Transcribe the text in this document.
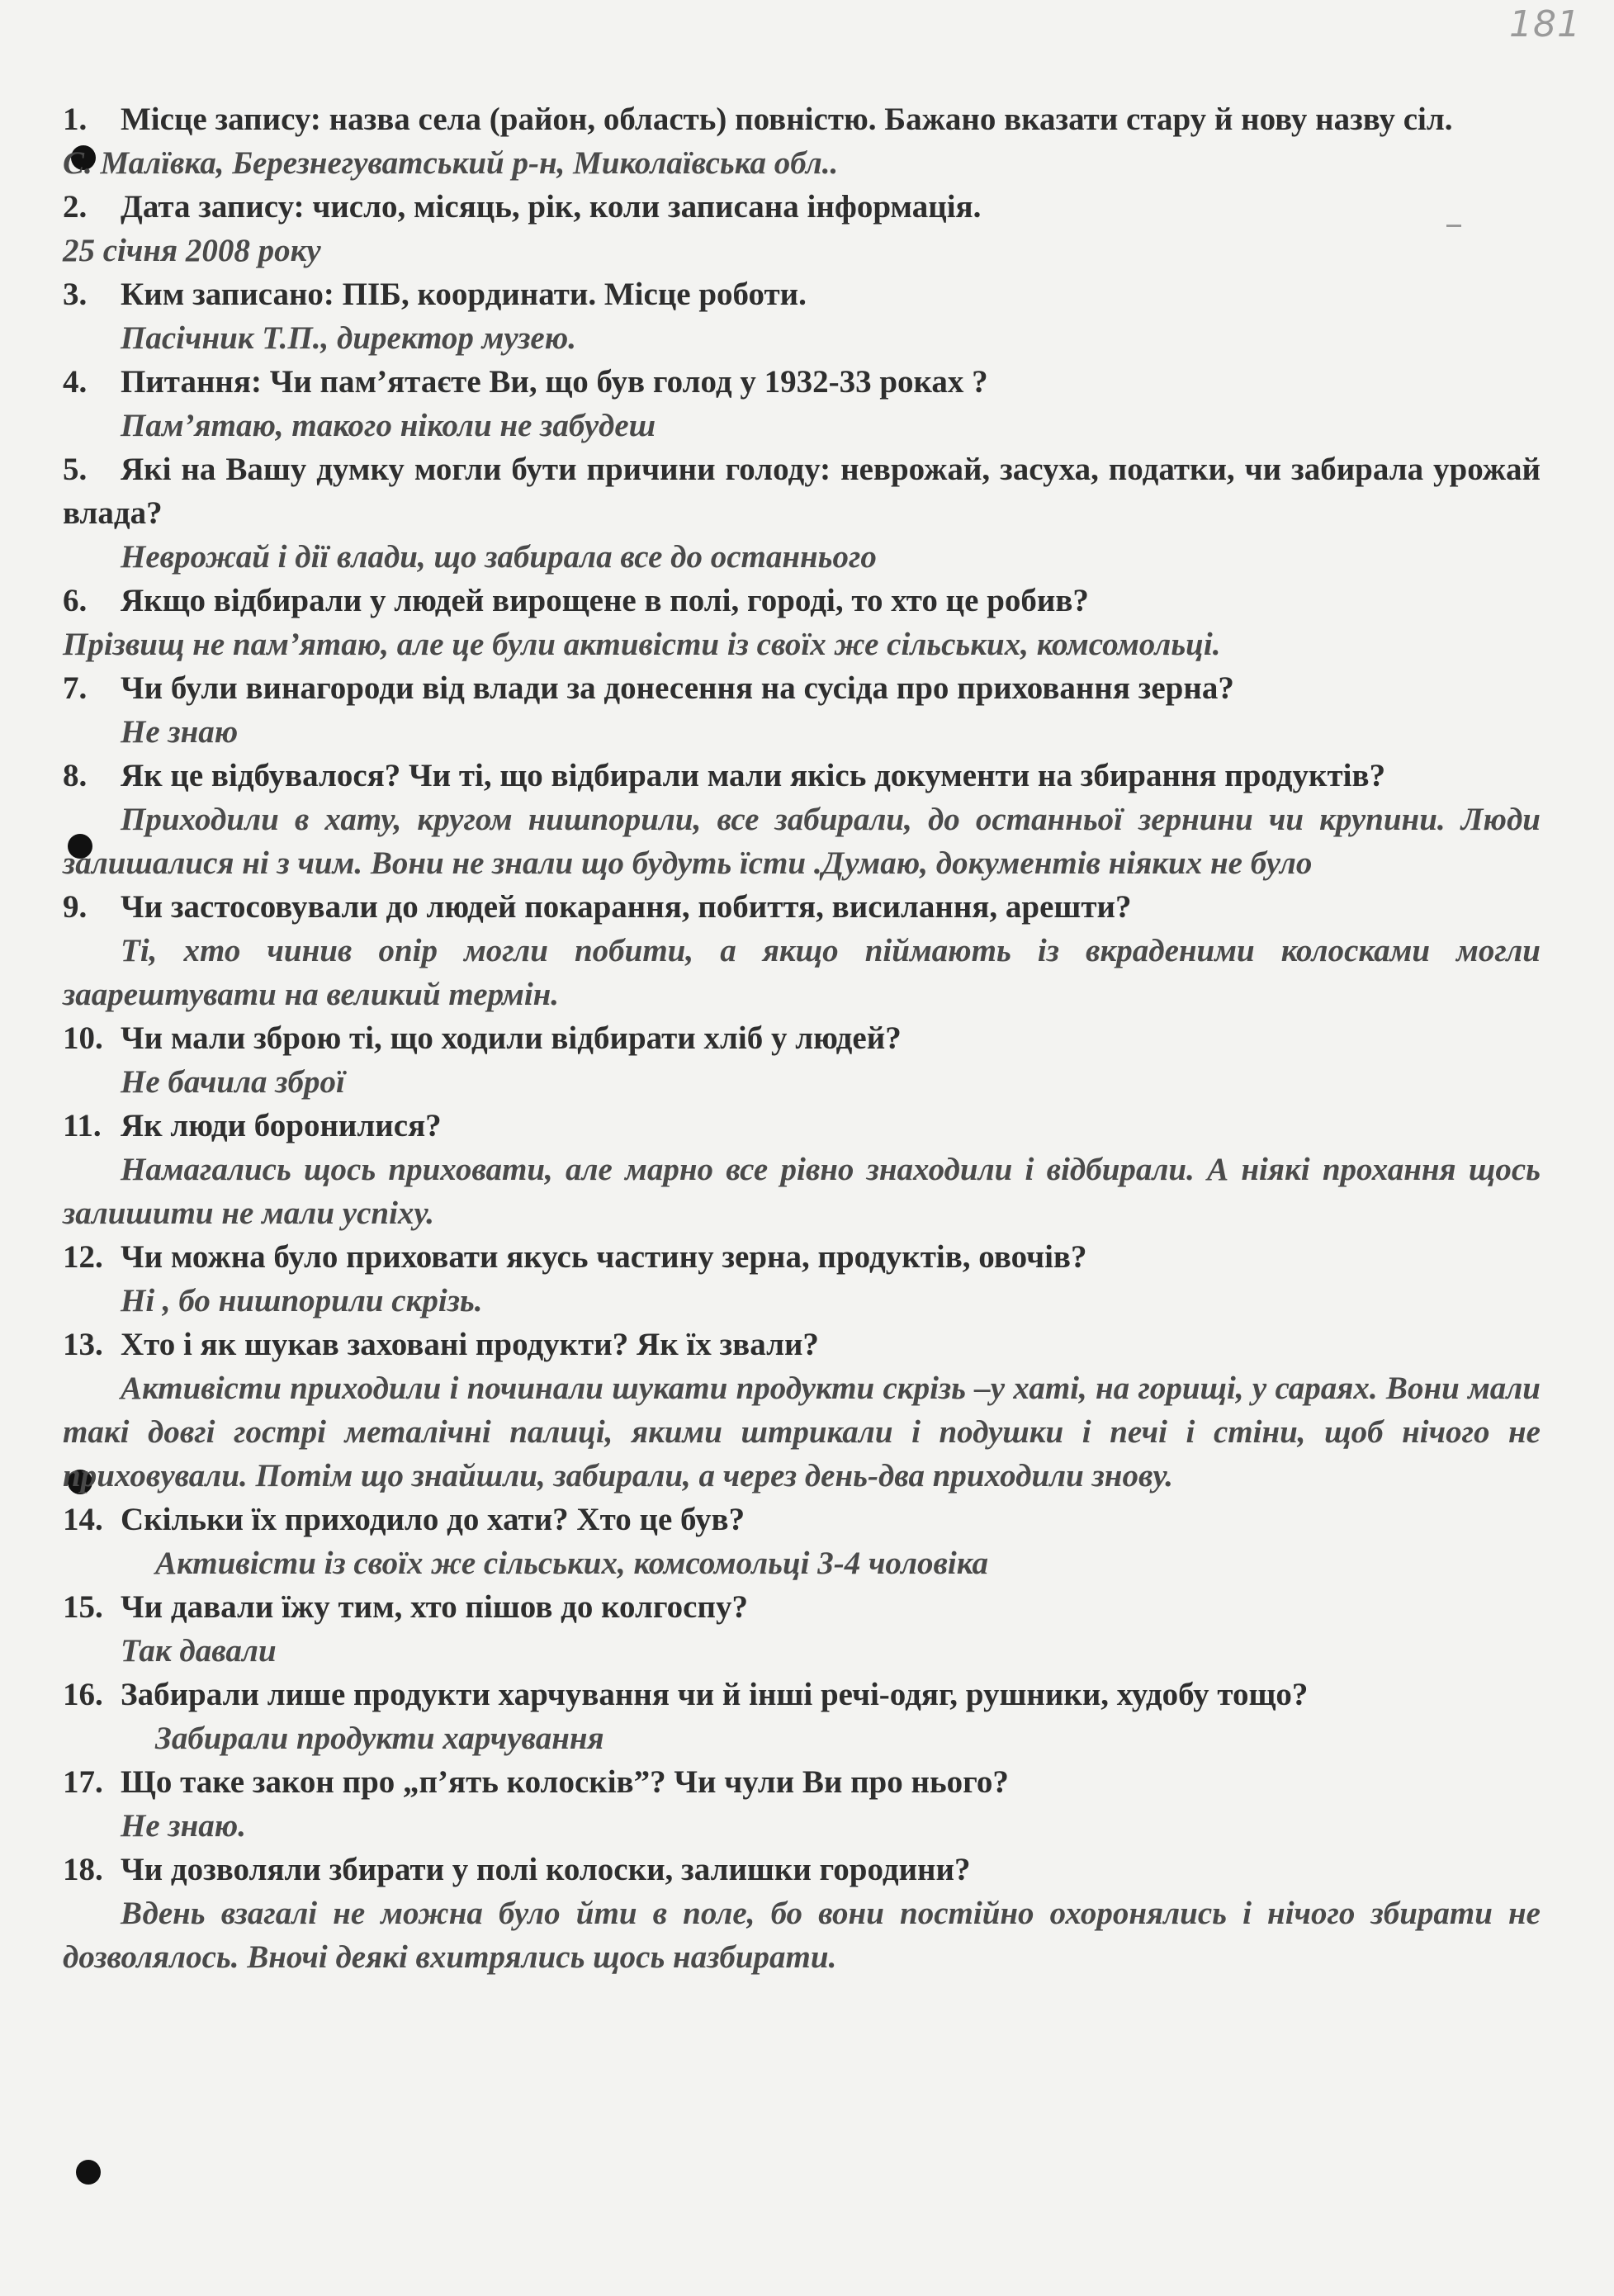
181

1. Місце запису: назва села (район, область) повністю. Бажано вказати стару й нову назву сіл.

С. Малївка, Березнегуватський р-н, Миколаївська обл..

2. Дата запису: число, місяць, рік, коли записана інформація.

25 січня 2008 року

3. Ким записано: ПІБ, координати. Місце роботи.

Пасічник Т.П., директор музею.

4. Питання: Чи пам’ятаєте Ви, що був голод у 1932-33 роках ?

Пам’ятаю, такого ніколи не забудеш

5. Які на Вашу думку могли бути причини голоду: неврожай, засуха, податки, чи забирала урожай влада?

Неврожай і дії влади, що забирала все до останнього

6. Якщо відбирали у людей вирощене в полі, городі, то хто це робив?

Прізвищ не пам’ятаю, але це були активісти із своїх же сільських, комсомольці.

7. Чи були винагороди від влади за донесення на сусіда про приховання зерна?

Не знаю

8. Як це відбувалося? Чи ті, що відбирали мали якісь документи на збирання продуктів?

Приходили в хату, кругом нишпорили, все забирали, до останньої зернини чи крупини. Люди залишалися ні з чим. Вони не знали що будуть їсти .Думаю, документів ніяких не було

9. Чи застосовували до людей покарання, побиття, висилання, арешти?

Ті, хто чинив опір могли побити, а якщо піймають із вкраденими колосками могли заарештувати на великий термін.

10. Чи мали зброю ті, що ходили відбирати хліб у людей?

Не бачила зброї

11. Як люди боронилися?

Намагались щось приховати, але марно все рівно знаходили і відбирали. А ніякі прохання щось залишити не мали успіху.

12. Чи можна було приховати якусь частину зерна, продуктів, овочів?

Ні , бо нишпорили скрізь.

13. Хто і як шукав заховані продукти? Як їх звали?

Активісти приходили і починали шукати продукти скрізь –у хаті, на горищі, у сараях. Вони мали такі довгі гострі металічні палиці, якими штрикали і подушки і печі і стіни, щоб нічого не приховували. Потім що знайшли, забирали, а через день-два приходили знову.

14. Скільки їх приходило до хати? Хто це був?

Активісти із своїх же сільських, комсомольці 3-4 чоловіка

15. Чи давали їжу тим, хто пішов до колгоспу?

Так давали

16. Забирали лише продукти харчування чи й інші речі-одяг, рушники, худобу тощо?

Забирали продукти харчування

17. Що таке закон про „п’ять колосків”? Чи чули Ви про нього?

Не знаю.

18. Чи дозволяли збирати у полі колоски, залишки городини?

Вдень взагалі не можна було йти в поле, бо вони постійно охоронялись і нічого збирати не дозволялось. Вночі деякі вхитрялись щось назбирати.
